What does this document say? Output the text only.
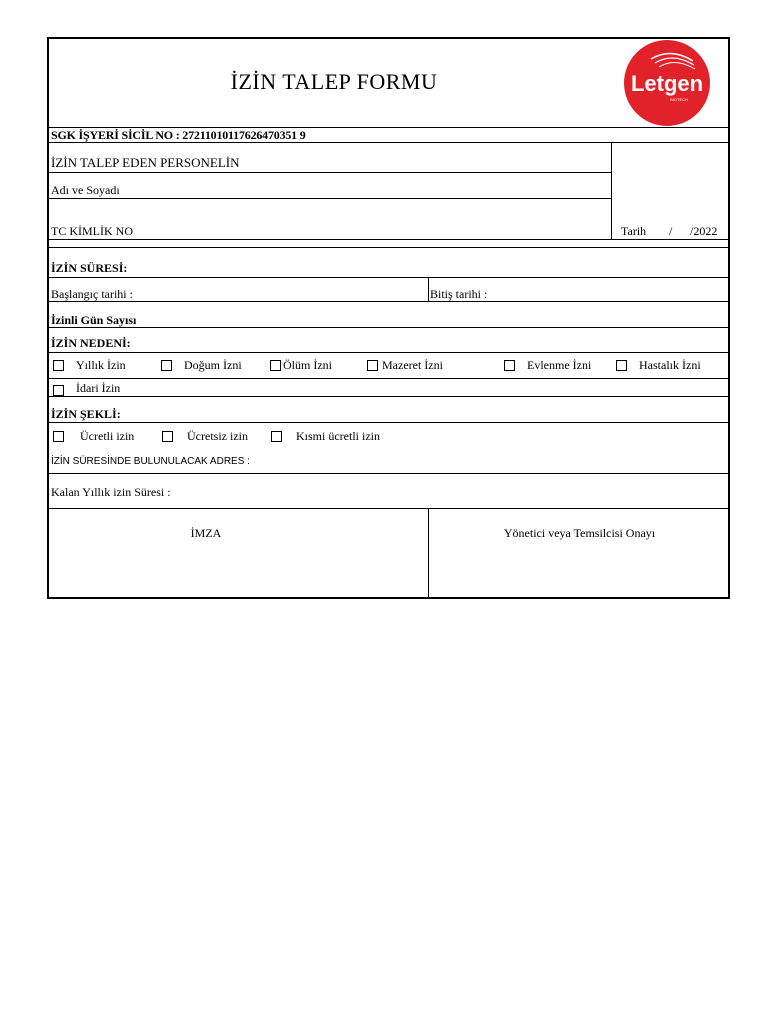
İZİN TALEP FORMU	Letgen
BIOTECH
SGK İŞYERİ SİCİL NO : 27211010117626470351 9
İZİN TALEP EDEN PERSONELİN
Adı ve Soyadı
TC KİMLİK NO	Tarih / /2022
İZİN SÜRESİ:
Başlangıç tarihi :	Bitiş tarihi :
İzinli Gün Sayısı
İZİN NEDENİ:
Yıllık İzin	Doğum İzni	Ölüm İzni	Mazeret İzni	Evlenme İzni	Hastalık İzni
İdari İzin
İZİN ŞEKLİ:
Ücretli izin	Ücretsiz izin	Kısmi ücretli izin
İZİN SÜRESİNDE BULUNULACAK ADRES :
Kalan Yıllık izin Süresi :
İMZA	Yönetici veya Temsilcisi Onayı
